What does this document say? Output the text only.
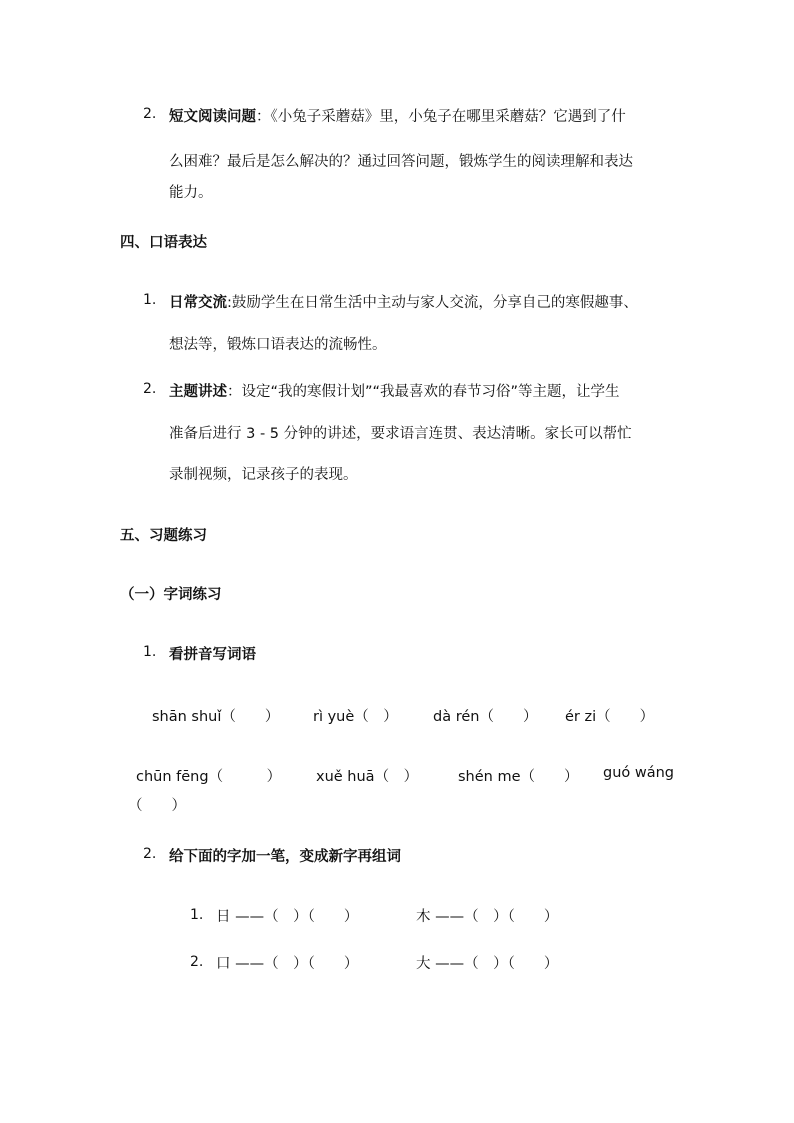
2. 短文阅读问题：《小兔子采蘑菇》里，小兔子在哪里采蘑菇？它遇到了什
么困难？最后是怎么解决的？通过回答问题，锻炼学生的阅读理解和表达
能力。
四、口语表达
1. 日常交流:鼓励学生在日常生活中主动与家人交流，分享自己的寒假趣事、
想法等，锻炼口语表达的流畅性。
2. 主题讲述：设定“我的寒假计划”“我最喜欢的春节习俗”等主题，让学生
准备后进行 3 - 5 分钟的讲述，要求语言连贯、表达清晰。家长可以帮忙
录制视频，记录孩子的表现。
五、习题练习
（一）字词练习
1. 看拼音写词语
shān shuǐ（　　） rì yuè（　） dà rén（　　） ér zi（　　）
chūn fēng（　　　） xuě huā（　）	shén me（　　） guó wáng
（　　）
2. 给下面的字加一笔，变成新字再组词
1. 日 ——（　）（　　）	木 ——（　）（　　）
2. 口 ——（　）（　　）	大 ——（　）（　　）
